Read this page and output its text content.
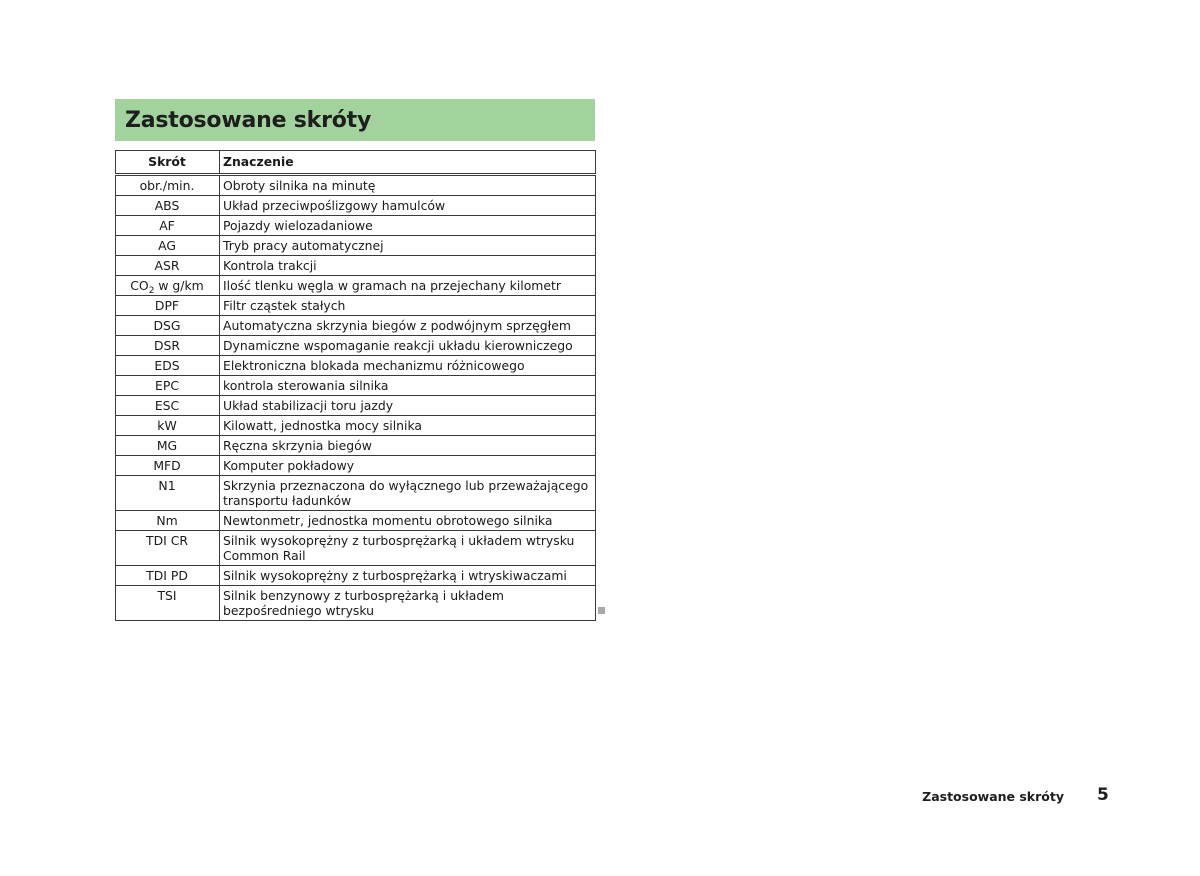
Zastosowane skróty
Skrót	Znaczenie
obr./min.	Obroty silnika na minutę
ABS	Układ przeciwpoślizgowy hamulców
AF	Pojazdy wielozadaniowe
AG	Tryb pracy automatycznej
ASR	Kontrola trakcji
$CO_2$ w g/km	Ilość tlenku węgla w gramach na przejechany kilometr
DPF	Filtr cząstek stałych
DSG	Automatyczna skrzynia biegów z podwójnym sprzęgłem
DSR	Dynamiczne wspomaganie reakcji układu kierowniczego
EDS	Elektroniczna blokada mechanizmu różnicowego
EPC	kontrola sterowania silnika
ESC	Układ stabilizacji toru jazdy
kW	Kilowatt, jednostka mocy silnika
MG	Ręczna skrzynia biegów
MFD	Komputer pokładowy
N1	Skrzynia przeznaczona do wyłącznego lub przeważającego transportu ładunków
Nm	Newtonmetr, jednostka momentu obrotowego silnika
TDI CR	Silnik wysokoprężny z turbosprężarką i układem wtrysku Common Rail
TDI PD	Silnik wysokoprężny z turbosprężarką i wtryskiwaczami
TSI	Silnik benzynowy z turbosprężarką i układem bezpośredniego wtrysku
Zastosowane skróty 5
